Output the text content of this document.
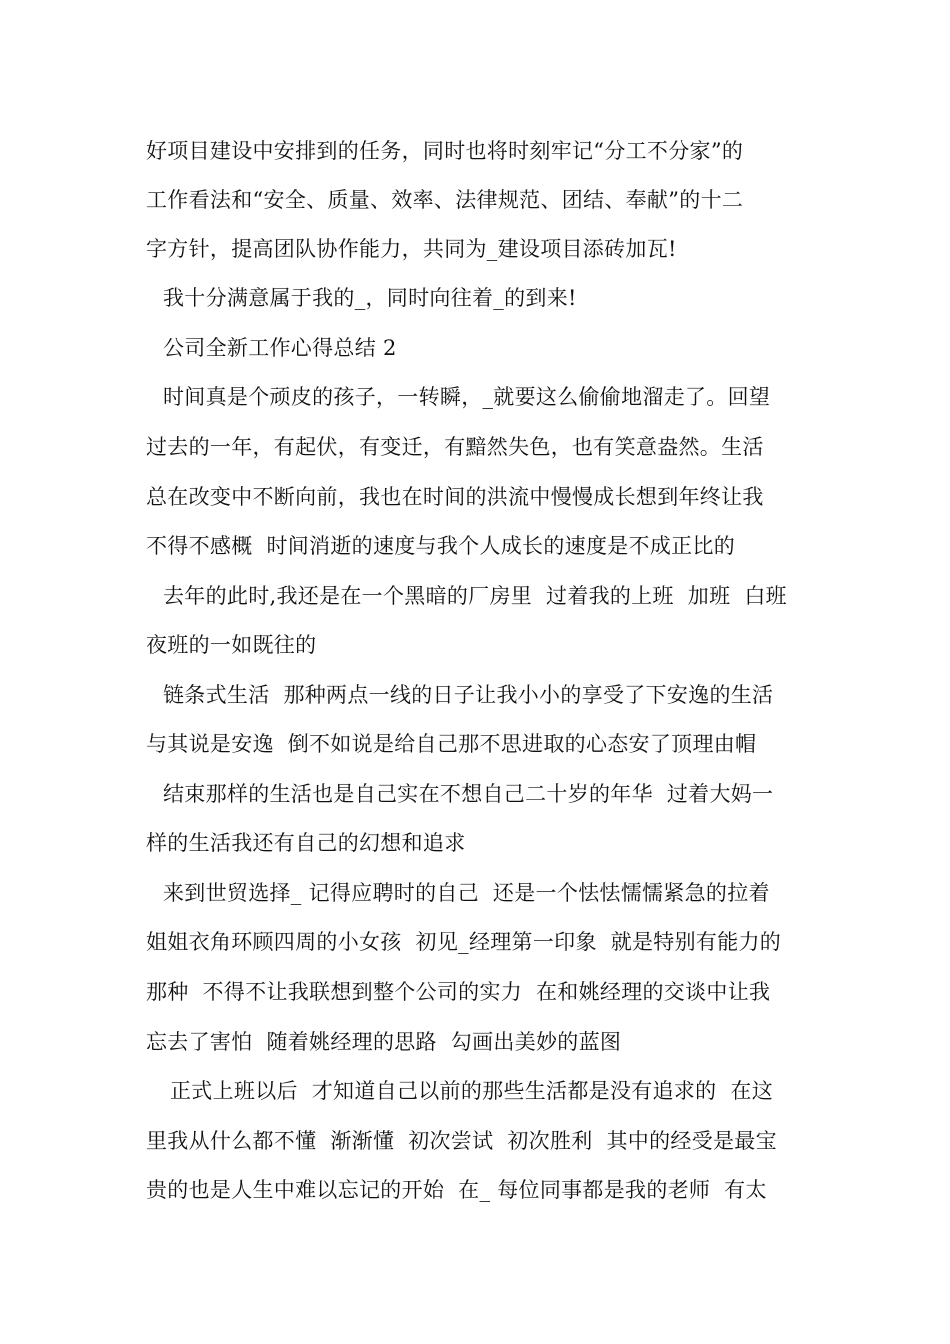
好项目建设中安排到的任务，同时也将时刻牢记“分工不分家”的
工作看法和“安全、质量、效率、法律规范、团结、奉献”的十二
字方针，提高团队协作能力，共同为_建设项目添砖加瓦!
我十分满意属于我的_，同时向往着_的到来!
公司全新工作心得总结 2
时间真是个顽皮的孩子，一转瞬，_就要这么偷偷地溜走了。回望
过去的一年，有起伏，有变迁，有黯然失色，也有笑意盎然。生活
总在改变中不断向前，我也在时间的洪流中慢慢成长想到年终让我
不得不感概  时间消逝的速度与我个人成长的速度是不成正比的
去年的此时,我还是在一个黑暗的厂房里  过着我的上班  加班  白班
夜班的一如既往的
链条式生活  那种两点一线的日子让我小小的享受了下安逸的生活
与其说是安逸  倒不如说是给自己那不思进取的心态安了顶理由帽
结束那样的生活也是自己实在不想自己二十岁的年华  过着大妈一
样的生活我还有自己的幻想和追求
来到世贸选择_ 记得应聘时的自己  还是一个怯怯懦懦紧急的拉着
姐姐衣角环顾四周的小女孩  初见_经理第一印象  就是特别有能力的
那种  不得不让我联想到整个公司的实力  在和姚经理的交谈中让我
忘去了害怕  随着姚经理的思路  勾画出美妙的蓝图
正式上班以后  才知道自己以前的那些生活都是没有追求的  在这
里我从什么都不懂  渐渐懂  初次尝试  初次胜利  其中的经受是最宝
贵的也是人生中难以忘记的开始  在_ 每位同事都是我的老师  有太
